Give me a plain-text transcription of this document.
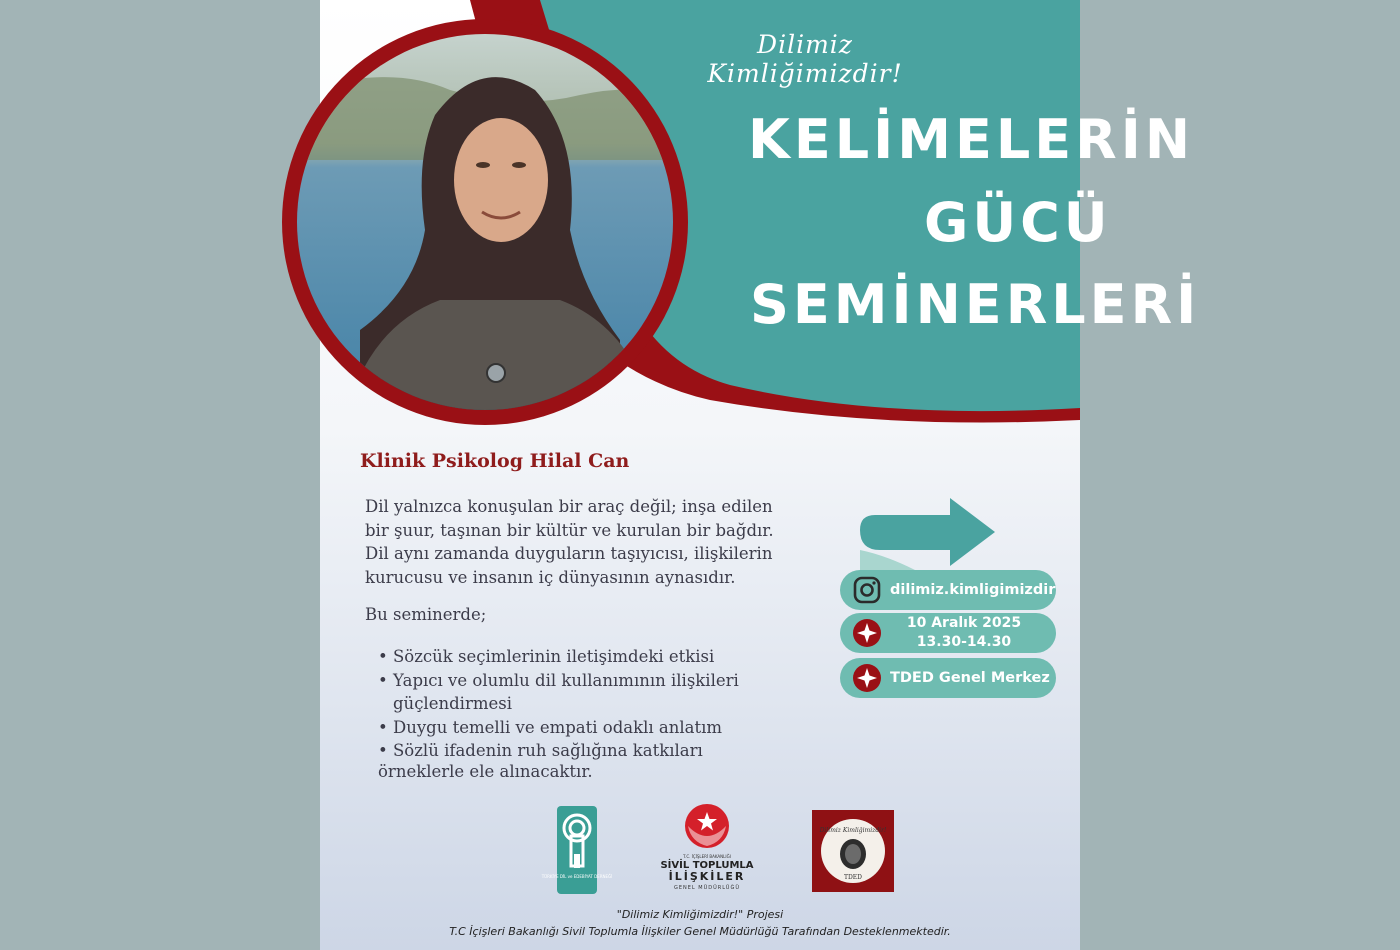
Dilimiz Kimliğimizdir!
KELİMELERİN
GÜCÜ
SEMİNERLERİ
Klinik Psikolog Hilal Can

Dil yalnızca konuşulan bir araç değil; inşa edilen
bir şuur, taşınan bir kültür ve kurulan bir bağdır.
Dil aynı zamanda duyguların taşıyıcısı, ilişkilerin
kurucusu ve insanın iç dünyasının aynasıdır.

Bu seminerde;
• Sözcük seçimlerinin iletişimdeki etkisi
• Yapıcı ve olumlu dil kullanımının ilişkileri güçlendirmesi
• Duygu temelli ve empati odaklı anlatım
• Sözlü ifadenin ruh sağlığına katkıları
örneklerle ele alınacaktır.
dilimiz.kimligimizdir
10 Aralık 2025
13.30-14.30
TDED Genel Merkez
TÜRKİYE DİL ve EDEBİYAT DERNEĞİ
T.C. İÇİŞLERİ BAKANLIĞI
SİVİL TOPLUMLA
İLİŞKİLER
GENEL MÜDÜRLÜĞÜ
Dilimiz Kimliğimizdir!
TDED
"Dilimiz Kimliğimizdir!" Projesi
T.C İçişleri Bakanlığı Sivil Toplumla İlişkiler Genel Müdürlüğü Tarafından Desteklenmektedir.
